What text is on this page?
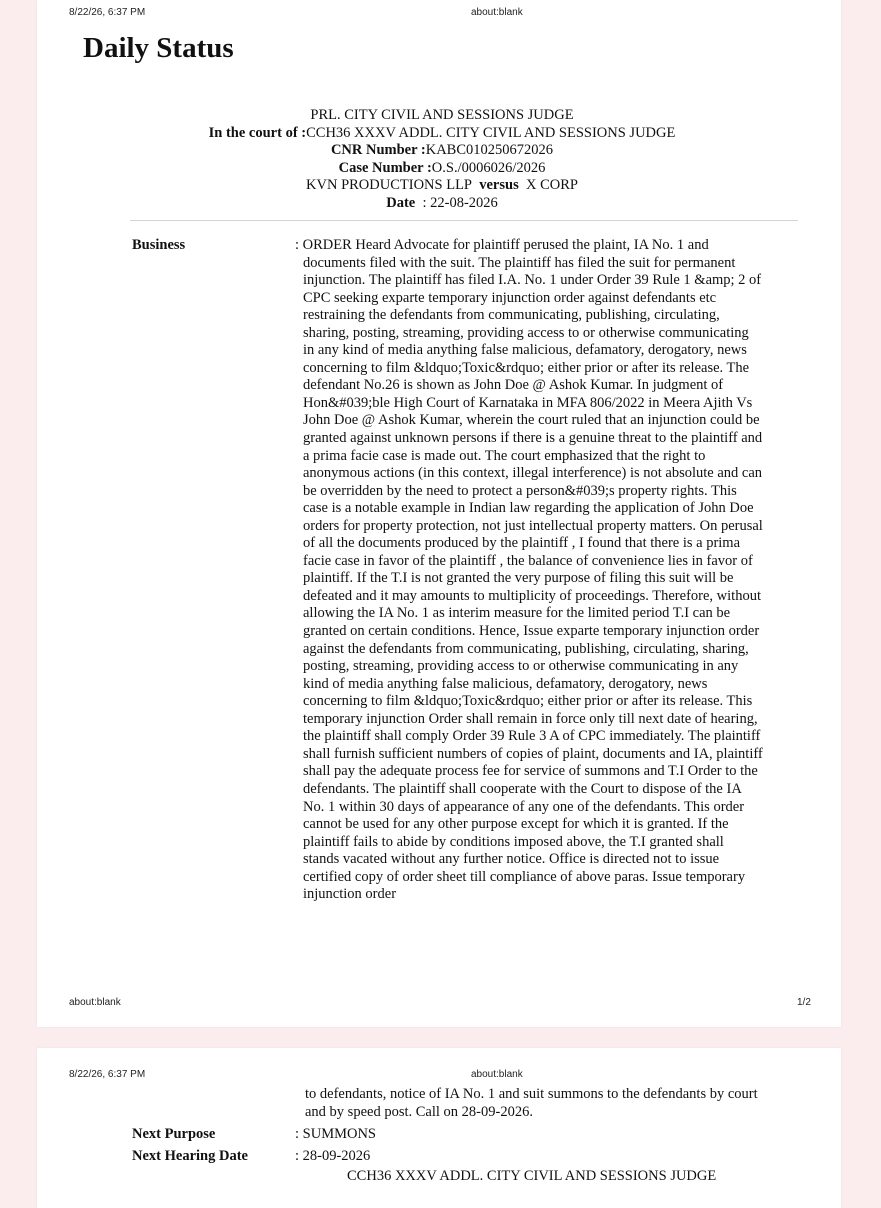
8/22/26, 6:37 PM	about:blank
Daily Status
PRL. CITY CIVIL AND SESSIONS JUDGE
In the court of :CCH36 XXXV ADDL. CITY CIVIL AND SESSIONS JUDGE
CNR Number :KABC010250672026
Case Number :O.S./0006026/2026
KVN PRODUCTIONS LLP versus X CORP
Date : 22-08-2026
Business	: ORDER Heard Advocate for plaintiff perused the plaint, IA No. 1 and documents filed with the suit. The plaintiff has filed the suit for permanent injunction. The plaintiff has filed I.A. No. 1 under Order 39 Rule 1 &amp; 2 of CPC seeking exparte temporary injunction order against defendants etc restraining the defendants from communicating, publishing, circulating, sharing, posting, streaming, providing access to or otherwise communicating in any kind of media anything false malicious, defamatory, derogatory, news concerning to film &ldquo;Toxic&rdquo; either prior or after its release. The defendant No.26 is shown as John Doe @ Ashok Kumar. In judgment of Hon&#039;ble High Court of Karnataka in MFA 806/2022 in Meera Ajith Vs John Doe @ Ashok Kumar, wherein the court ruled that an injunction could be granted against unknown persons if there is a genuine threat to the plaintiff and a prima facie case is made out. The court emphasized that the right to anonymous actions (in this context, illegal interference) is not absolute and can be overridden by the need to protect a person&#039;s property rights. This case is a notable example in Indian law regarding the application of John Doe orders for property protection, not just intellectual property matters. On perusal of all the documents produced by the plaintiff , I found that there is a prima facie case in favor of the plaintiff , the balance of convenience lies in favor of plaintiff. If the T.I is not granted the very purpose of filing this suit will be defeated and it may amounts to multiplicity of proceedings. Therefore, without allowing the IA No. 1 as interim measure for the limited period T.I can be granted on certain conditions. Hence, Issue exparte temporary injunction order against the defendants from communicating, publishing, circulating, sharing, posting, streaming, providing access to or otherwise communicating in any kind of media anything false malicious, defamatory, derogatory, news concerning to film &ldquo;Toxic&rdquo; either prior or after its release. This temporary injunction Order shall remain in force only till next date of hearing, the plaintiff shall comply Order 39 Rule 3 A of CPC immediately. The plaintiff shall furnish sufficient numbers of copies of plaint, documents and IA, plaintiff shall pay the adequate process fee for service of summons and T.I Order to the defendants. The plaintiff shall cooperate with the Court to dispose of the IA No. 1 within 30 days of appearance of any one of the defendants. This order cannot be used for any other purpose except for which it is granted. If the plaintiff fails to abide by conditions imposed above, the T.I granted shall stands vacated without any further notice. Office is directed not to issue certified copy of order sheet till compliance of above paras. Issue temporary injunction order
about:blank	1/2
8/22/26, 6:37 PM	about:blank
to defendants, notice of IA No. 1 and suit summons to the defendants by court and by speed post. Call on 28-09-2026.
Next Purpose	: SUMMONS
Next Hearing Date	: 28-09-2026
CCH36 XXXV ADDL. CITY CIVIL AND SESSIONS JUDGE
